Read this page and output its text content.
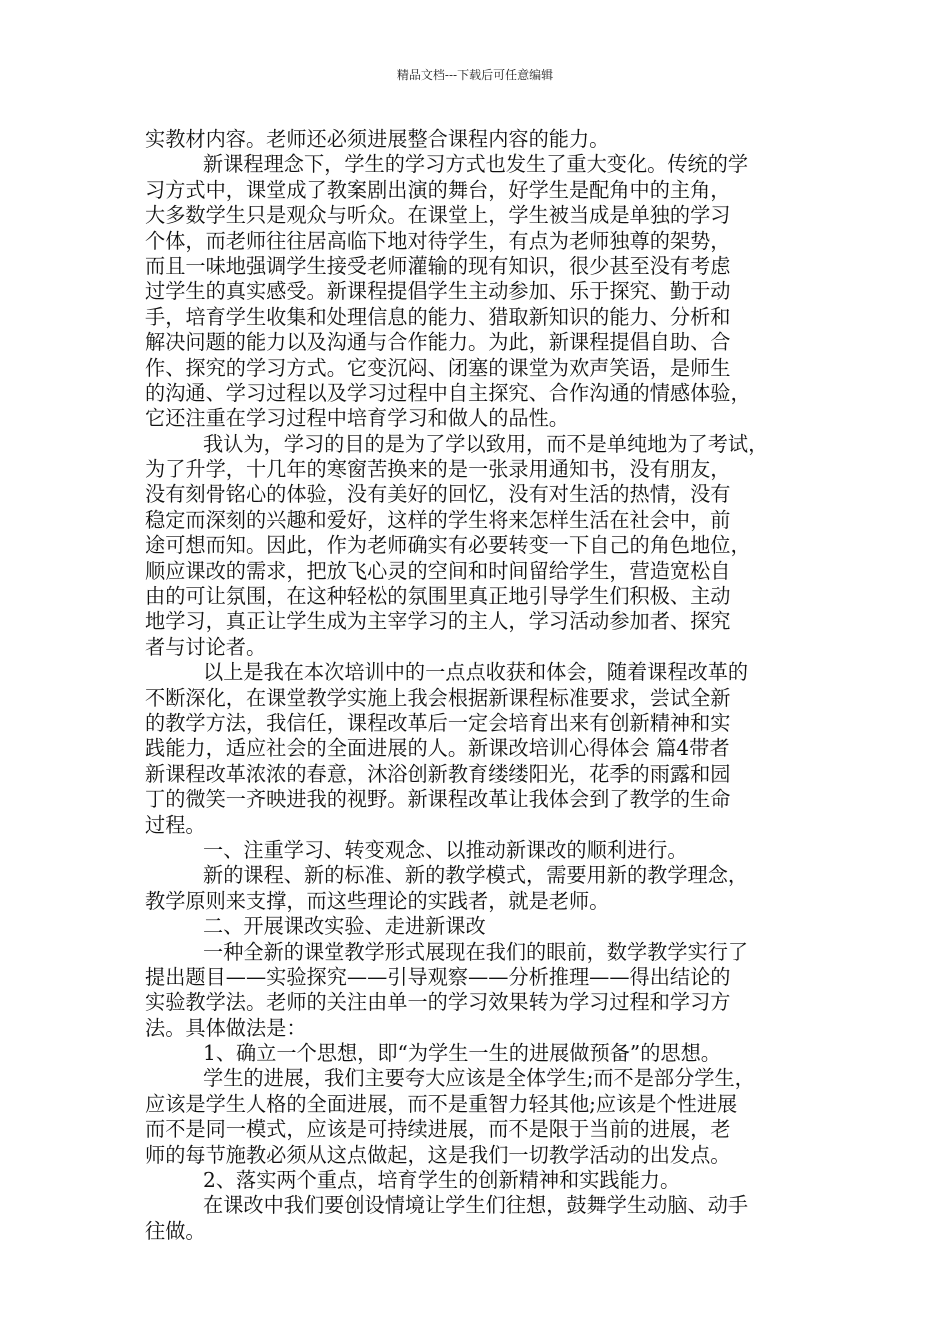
精品文档---下载后可任意编辑
实教材内容。老师还必须进展整合课程内容的能力。
新课程理念下，学生的学习方式也发生了重大变化。传统的学
习方式中，课堂成了教案剧出演的舞台，好学生是配角中的主角，
大多数学生只是观众与听众。在课堂上，学生被当成是单独的学习
个体，而老师往往居高临下地对待学生，有点为老师独尊的架势，
而且一味地强调学生接受老师灌输的现有知识，很少甚至没有考虑
过学生的真实感受。新课程提倡学生主动参加、乐于探究、勤于动
手，培育学生收集和处理信息的能力、猎取新知识的能力、分析和
解决问题的能力以及沟通与合作能力。为此，新课程提倡自助、合
作、探究的学习方式。它变沉闷、闭塞的课堂为欢声笑语，是师生
的沟通、学习过程以及学习过程中自主探究、合作沟通的情感体验，
它还注重在学习过程中培育学习和做人的品性。
我认为，学习的目的是为了学以致用，而不是单纯地为了考试，
为了升学，十几年的寒窗苦换来的是一张录用通知书，没有朋友，
没有刻骨铭心的体验，没有美好的回忆，没有对生活的热情，没有
稳定而深刻的兴趣和爱好，这样的学生将来怎样生活在社会中，前
途可想而知。因此，作为老师确实有必要转变一下自己的角色地位，
顺应课改的需求，把放飞心灵的空间和时间留给学生，营造宽松自
由的可让氛围，在这种轻松的氛围里真正地引导学生们积极、主动
地学习，真正让学生成为主宰学习的主人，学习活动参加者、探究
者与讨论者。
以上是我在本次培训中的一点点收获和体会，随着课程改革的
不断深化，在课堂教学实施上我会根据新课程标准要求，尝试全新
的教学方法，我信任，课程改革后一定会培育出来有创新精神和实
践能力，适应社会的全面进展的人。新课改培训心得体会 篇4带者
新课程改革浓浓的春意，沐浴创新教育缕缕阳光，花季的雨露和园
丁的微笑一齐映进我的视野。新课程改革让我体会到了教学的生命
过程。
一、注重学习、转变观念、以推动新课改的顺利进行。
新的课程、新的标准、新的教学模式，需要用新的教学理念，
教学原则来支撑，而这些理论的实践者，就是老师。
二、开展课改实验、走进新课改
一种全新的课堂教学形式展现在我们的眼前，数学教学实行了
提出题目——实验探究——引导观察——分析推理——得出结论的
实验教学法。老师的关注由单一的学习效果转为学习过程和学习方
法。具体做法是：
1、确立一个思想，即“为学生一生的进展做预备”的思想。
学生的进展，我们主要夸大应该是全体学生;而不是部分学生，
应该是学生人格的全面进展，而不是重智力轻其他;应该是个性进展
而不是同一模式，应该是可持续进展，而不是限于当前的进展，老
师的每节施教必须从这点做起，这是我们一切教学活动的出发点。
2、落实两个重点，培育学生的创新精神和实践能力。
在课改中我们要创设情境让学生们往想，鼓舞学生动脑、动手
往做。
